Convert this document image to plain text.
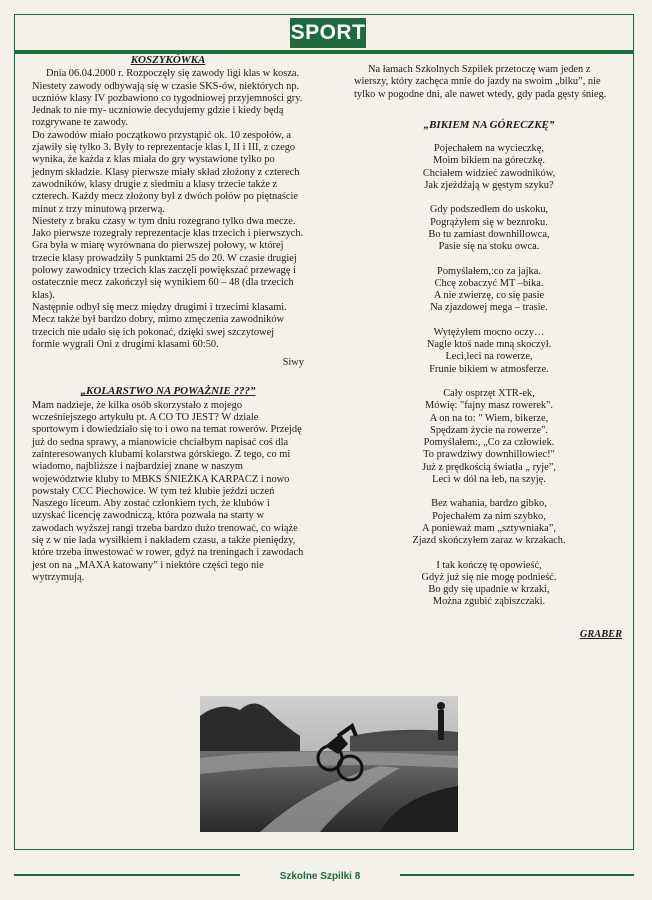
SPORT
KOSZYKÓWKA

Dnia 06.04.2000 r. Rozpoczęły się zawody ligi klas w kosza. Niestety zawody odbywają się w czasie SKS-ów, niektórych np. uczniów klasy IV pozbawiono co tygodniowej przyjemności gry. Jednak to nie my- uczniowie decydujemy gdzie i kiedy będą rozgrywane te zawody.

Do zawodów miało początkowo przystąpić ok. 10 zespołów, a zjawiły się tylko 3. Były to reprezentacje klas I, II i III, z czego wynika, że każda z klas miała do gry wystawione tylko po jednym składzie. Klasy pierwsze miały skład złożony z czterech zawodników, klasy drugie z siedmiu a klasy trzecie także z czterech. Każdy mecz złożony był z dwóch połów po piętnaście minut z trzy minutową przerwą.

Niestety z braku czasy w tym dniu rozegrano tylko dwa mecze. Jako pierwsze rozegrały reprezentacje klas trzecich i pierwszych. Gra była w miarę wyrównana do pierwszej połowy, w której trzecie klasy prowadziły 5 punktami 25 do 20. W czasie drugiej połowy zawodnicy trzecich klas zaczęli powiększać przewagę i ostatecznie mecz zakończył się wynikiem 60 – 48 (dla trzecich klas).

Następnie odbył się mecz między drugimi i trzecimi klasami. Mecz także był bardzo dobry, mimo zmęczenia zawodników trzecich nie udało się ich pokonać, dzięki swej szczytowej formie wygrali Oni z drugimi klasami 60:50.

Siwy

„KOLARSTWO NA POWAŻNIE ???”

Mam nadzieje, że kilka osób skorzystało z mojego wcześniejszego artykułu pt. A CO TO JEST? W dziale sportowym i dowiedziało się to i owo na temat rowerów. Przejdę już do sedna sprawy, a mianowicie chciałbym napisać coś dla zainteresowanych klubami kolarstwa górskiego. Z tego, co mi wiadomo, najbliższe i najbardziej znane w naszym województwie kluby to MBKS ŚNIEŻKA KARPACZ i nowo powstały CCC Piechowice. W tym też klubie jeździ uczeń Naszego liceum. Aby zostać członkiem tych, że klubów i uzyskać licencję zawodniczą, która pozwala na starty w zawodach wyższej rangi trzeba bardzo dużo trenować, co wiąże się z w nie lada wysiłkiem i nakładem czasu, a także pieniędzy, które trzeba inwestować w rower, gdyż na treningach i zawodach jest on na „MAXA katowany” i niektóre części tego nie wytrzymują.

Na łamach Szkolnych Szpilek przetoczę wam jeden z wierszy, który zachęca mnie do jazdy na swoim „biku”, nie tylko w pogodne dni, ale nawet wtedy, gdy pada gęsty śnieg.

„BIKIEM NA GÓRECZKĘ”
Pojechałem na wycieczkę,
Moim bikiem na góreczkę.
Chciałem widzieć zawodników,
Jak zjeżdżają w gęstym szyku?
Gdy podszedłem do uskoku,
Pogrążyłem się w beznroku.
Bo tu zamiast downhillowca,
Pasie się na stoku owca.
Pomyślałem,:co za jajka.
Chcę zobaczyć MT –bika.
A nie zwierzę, co się pasie
Na zjazdowej mega – trasie.
Wytężyłem mocno oczy…
Nagle ktoś nade mną skoczył.
Leci,leci na rowerze,
Frunie bikiem w atmosferze.
Cały osprzęt XTR-ek,
Mówię: "fajny masz rowerek".
A on na to: " Wiem, bikerze,
Spędzam życie na rowerze".
Pomyślałem:, „Co za człowiek.
To prawdziwy downhillowiec!"
Już z prędkością światła „ ryje”,
Leci w dół na łeb, na szyję.
Bez wahania, bardzo gibko,
Pojechałem za nim szybko,
A ponieważ mam „sztywniaka”,
Zjazd skończyłem zaraz w krzakach.
I tak kończę tę opowieść,
Gdyż już się nie mogę podnieść.
Bo gdy się upadnie w krzaki,
Można zgubić ząbiszczaki.
GRABER
Szkolne Szpilki 8
